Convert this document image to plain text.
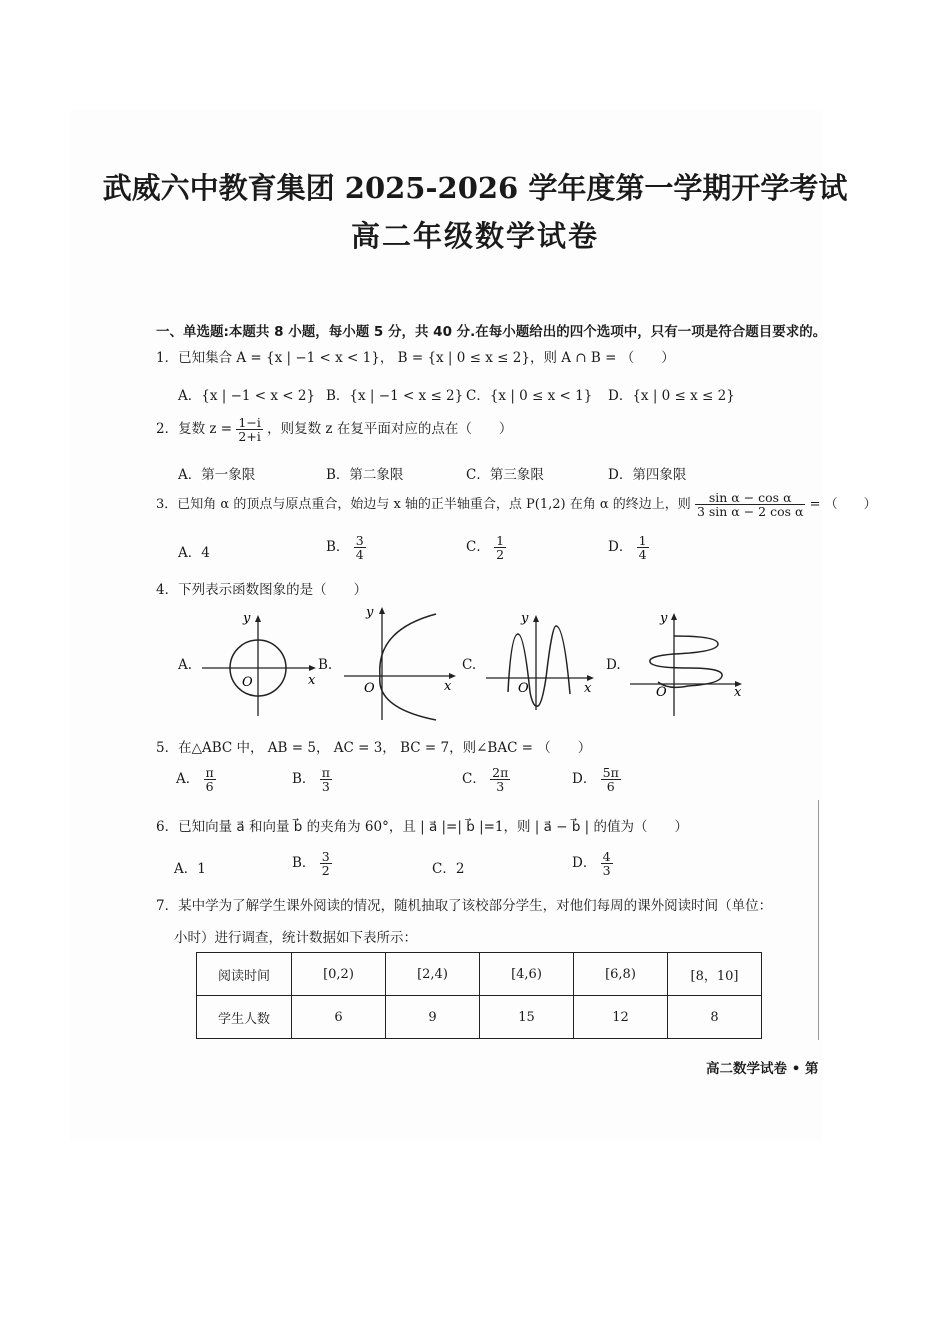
武威六中教育集团 2025-2026 学年度第一学期开学考试
高二年级数学试卷
一、单选题:本题共 8 小题，每小题 5 分，共 40 分.在每小题给出的四个选项中，只有一项是符合题目要求的。
1．已知集合 A = {x | −1 < x < 1}， B = {x | 0 ≤ x ≤ 2}，则 A ∩ B = （　　）
A．{x | −1 < x < 2} B．{x | −1 < x ≤ 2} C．{x | 0 ≤ x < 1} D．{x | 0 ≤ x ≤ 2}
2．复数 $z = \frac{1-i}{2+i}$ ，则复数 z 在复平面对应的点在（　　）
A．第一象限	B．第二象限	C．第三象限	D．第四象限
3．已知角 α 的顶点与原点重合，始边与 x 轴的正半轴重合，点 P(1,2) 在角 α 的终边上，则 $\frac{\text{sin α − cos α}}{\text{3 sin α − 2 cos α}}$ = （　　）
A．4	B． $\frac{3}{4}$	C． $\frac{1}{2}$	D． $\frac{1}{4}$
4．下列表示函数图象的是（　　）
A.	B.	C.	D.
y
x
O
y
x
O
y
x
O
y
x
O
5．在△ABC 中， AB = 5， AC = 3， BC = 7，则∠BAC = （　　）
A． $\frac{\pi}{6}$	B． $\frac{\pi}{3}$	C． $\frac{2\pi}{3}$	D． $\frac{5\pi}{6}$
6．已知向量 a⃗ 和向量 b⃗ 的夹角为 60°，且 | a⃗ |=| b⃗ |=1，则 | a⃗ − b⃗ | 的值为（　　）
A．1	B． $\frac{3}{2}$	C．2	D． $\frac{4}{3}$
7．某中学为了解学生课外阅读的情况，随机抽取了该校部分学生，对他们每周的课外阅读时间（单位：
小时）进行调查，统计数据如下表所示：
阅读时间	[0,2)	[2,4)	[4,6)	[6,8)	[8，10]
学生人数	6	9	15	12	8
高二数学试卷 • 第
